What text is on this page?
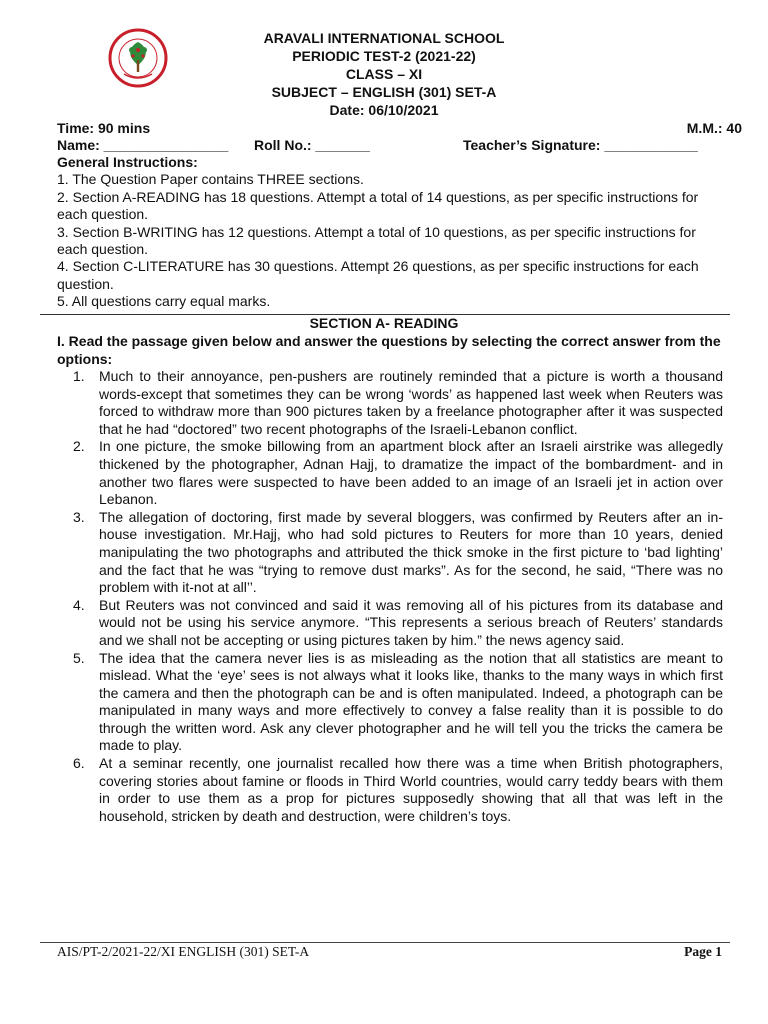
ARAVALI INTERNATIONAL SCHOOL
PERIODIC TEST-2 (2021-22)
CLASS – XI
SUBJECT – ENGLISH (301) SET-A
Date: 06/10/2021
Time: 90 mins	M.M.: 40
Name: ________________ Roll No.: _______	Teacher’s Signature: ____________
General Instructions:

1. The Question Paper contains THREE sections.

2. Section A-READING has 18 questions. Attempt a total of 14 questions, as per specific instructions for each question.

3. Section B-WRITING has 12 questions. Attempt a total of 10 questions, as per specific instructions for each question.

4. Section C-LITERATURE has 30 questions. Attempt 26 questions, as per specific instructions for each question.

5. All questions carry equal marks.

SECTION A- READING
I. Read the passage given below and answer the questions by selecting the correct answer from the options:
1. Much to their annoyance, pen-pushers are routinely reminded that a picture is worth a thousand words-except that sometimes they can be wrong ‘words’ as happened last week when Reuters was forced to withdraw more than 900 pictures taken by a freelance photographer after it was suspected that he had “doctored” two recent photographs of the Israeli-Lebanon conflict.
2. In one picture, the smoke billowing from an apartment block after an Israeli airstrike was allegedly thickened by the photographer, Adnan Hajj, to dramatize the impact of the bombardment- and in another two flares were suspected to have been added to an image of an Israeli jet in action over Lebanon.
3. The allegation of doctoring, first made by several bloggers, was confirmed by Reuters after an in-house investigation. Mr.Hajj, who had sold pictures to Reuters for more than 10 years, denied manipulating the two photographs and attributed the thick smoke in the first picture to ‘bad lighting’ and the fact that he was “trying to remove dust marks”. As for the second, he said, “There was no problem with it-not at all’’.
4. But Reuters was not convinced and said it was removing all of his pictures from its database and would not be using his service anymore. “This represents a serious breach of Reuters’ standards and we shall not be accepting or using pictures taken by him.” the news agency said.
5. The idea that the camera never lies is as misleading as the notion that all statistics are meant to mislead. What the ‘eye’ sees is not always what it looks like, thanks to the many ways in which first the camera and then the photograph can be and is often manipulated. Indeed, a photograph can be manipulated in many ways and more effectively to convey a false reality than it is possible to do through the written word. Ask any clever photographer and he will tell you the tricks the camera be made to play.
6. At a seminar recently, one journalist recalled how there was a time when British photographers, covering stories about famine or floods in Third World countries, would carry teddy bears with them in order to use them as a prop for pictures supposedly showing that all that was left in the household, stricken by death and destruction, were children’s toys.
AIS/PT-2/2021-22/XI ENGLISH (301) SET-A	Page 1
